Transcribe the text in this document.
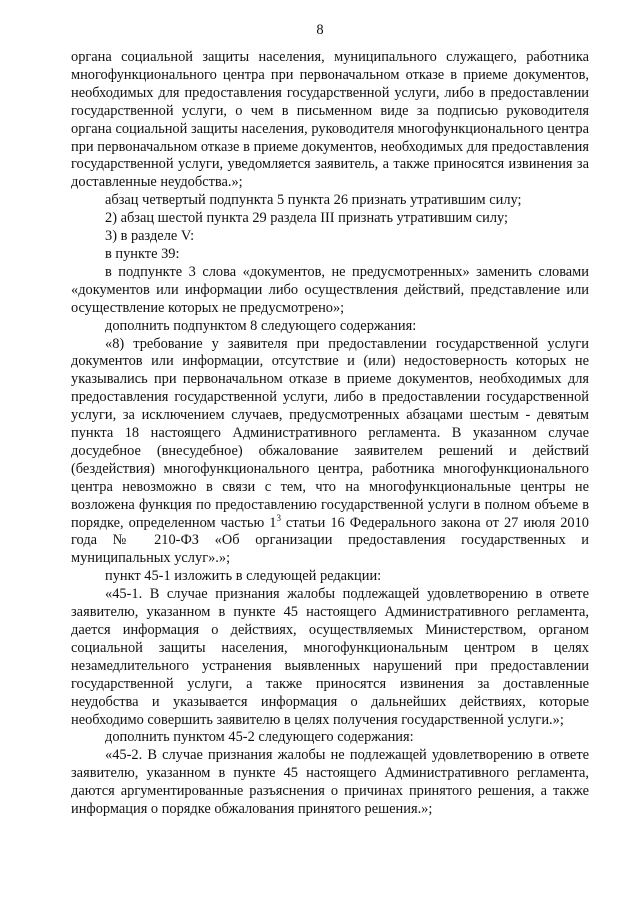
8

органа социальной защиты населения, муниципального служащего, работника многофункционального центра при первоначальном отказе в приеме документов, необходимых для предоставления государственной услуги, либо в предоставлении государственной услуги, о чем в письменном виде за подписью руководителя органа социальной защиты населения, руководителя многофункционального центра при первоначальном отказе в приеме документов, необходимых для предоставления государственной услуги, уведомляется заявитель, а также приносятся извинения за доставленные неудобства.»;

абзац четвертый подпункта 5 пункта 26 признать утратившим силу;

2) абзац шестой пункта 29 раздела III признать утратившим силу;

3) в разделе V:

в пункте 39:

в подпункте 3 слова «документов, не предусмотренных» заменить словами «документов или информации либо осуществления действий, представление или осуществление которых не предусмотрено»;

дополнить подпунктом 8 следующего содержания:

«8) требование у заявителя при предоставлении государственной услуги документов или информации, отсутствие и (или) недостоверность которых не указывались при первоначальном отказе в приеме документов, необходимых для предоставления государственной услуги, либо в предоставлении государственной услуги, за исключением случаев, предусмотренных абзацами шестым - девятым пункта 18 настоящего Административного регламента. В указанном случае досудебное (внесудебное) обжалование заявителем решений и действий (бездействия) многофункционального центра, работника многофункционального центра невозможно в связи с тем, что на многофункциональные центры не возложена функция по предоставлению государственной услуги в полном объеме в порядке, определенном частью $1^3$ статьи 16 Федерального закона от 27 июля 2010 года № 210-ФЗ «Об организации предоставления государственных и муниципальных услуг».»;

пункт 45-1 изложить в следующей редакции:

«45-1. В случае признания жалобы подлежащей удовлетворению в ответе заявителю, указанном в пункте 45 настоящего Административного регламента, дается информация о действиях, осуществляемых Министерством, органом социальной защиты населения, многофункциональным центром в целях незамедлительного устранения выявленных нарушений при предоставлении государственной услуги, а также приносятся извинения за доставленные неудобства и указывается информация о дальнейших действиях, которые необходимо совершить заявителю в целях получения государственной услуги.»;

дополнить пунктом 45-2 следующего содержания:

«45-2. В случае признания жалобы не подлежащей удовлетворению в ответе заявителю, указанном в пункте 45 настоящего Административного регламента, даются аргументированные разъяснения о причинах принятого решения, а также информация о порядке обжалования принятого решения.»;
